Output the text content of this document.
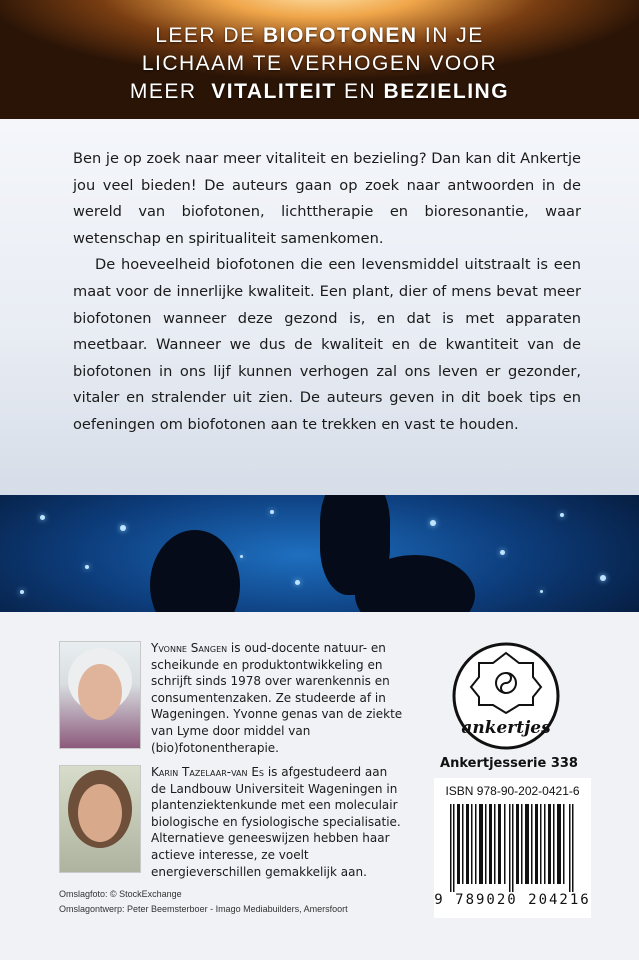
LEER DE BIOFOTONEN IN JE
LICHAAM TE VERHOGEN VOOR
MEER  VITALITEIT EN BEZIELING

Ben je op zoek naar meer vitaliteit en bezieling? Dan kan dit Ankertje jou veel bieden! De auteurs gaan op zoek naar antwoorden in de wereld van biofotonen, lichttherapie en bioresonantie, waar wetenschap en spiritualiteit samenkomen.

De hoeveelheid biofotonen die een levensmiddel uitstraalt is een maat voor de innerlijke kwaliteit. Een plant, dier of mens bevat meer biofotonen wanneer deze gezond is, en dat is met apparaten meetbaar. Wanneer we dus de kwaliteit en de kwantiteit van de biofotonen in ons lijf kunnen verhogen zal ons leven er gezonder, vitaler en stralender uit zien. De auteurs geven in dit boek tips en oefeningen om biofotonen aan te trekken en vast te houden.

Yvonne Sangen is oud-docente natuur- en scheikunde en produktontwikkeling en schrijft sinds 1978 over warenkennis en consumentenzaken. Ze studeerde af in Wageningen. Yvonne genas van de ziekte van Lyme door middel van (bio)fotonentherapie.
Karin Tazelaar-van Es is afgestudeerd aan de Landbouw Universiteit Wageningen in plantenziektenkunde met een moleculair biologische en fysiologische specialisatie. Alternatieve geneeswijzen hebben haar actieve interesse, ze voelt energieverschillen gemakkelijk aan.
Omslagfoto: © StockExchange
Omslagontwerp: Peter Beemsterboer - Imago Mediabuilders, Amersfoort
ankertjes
Ankertjesserie 338
ISBN 978-90-202-0421-6
9 789020 204216
